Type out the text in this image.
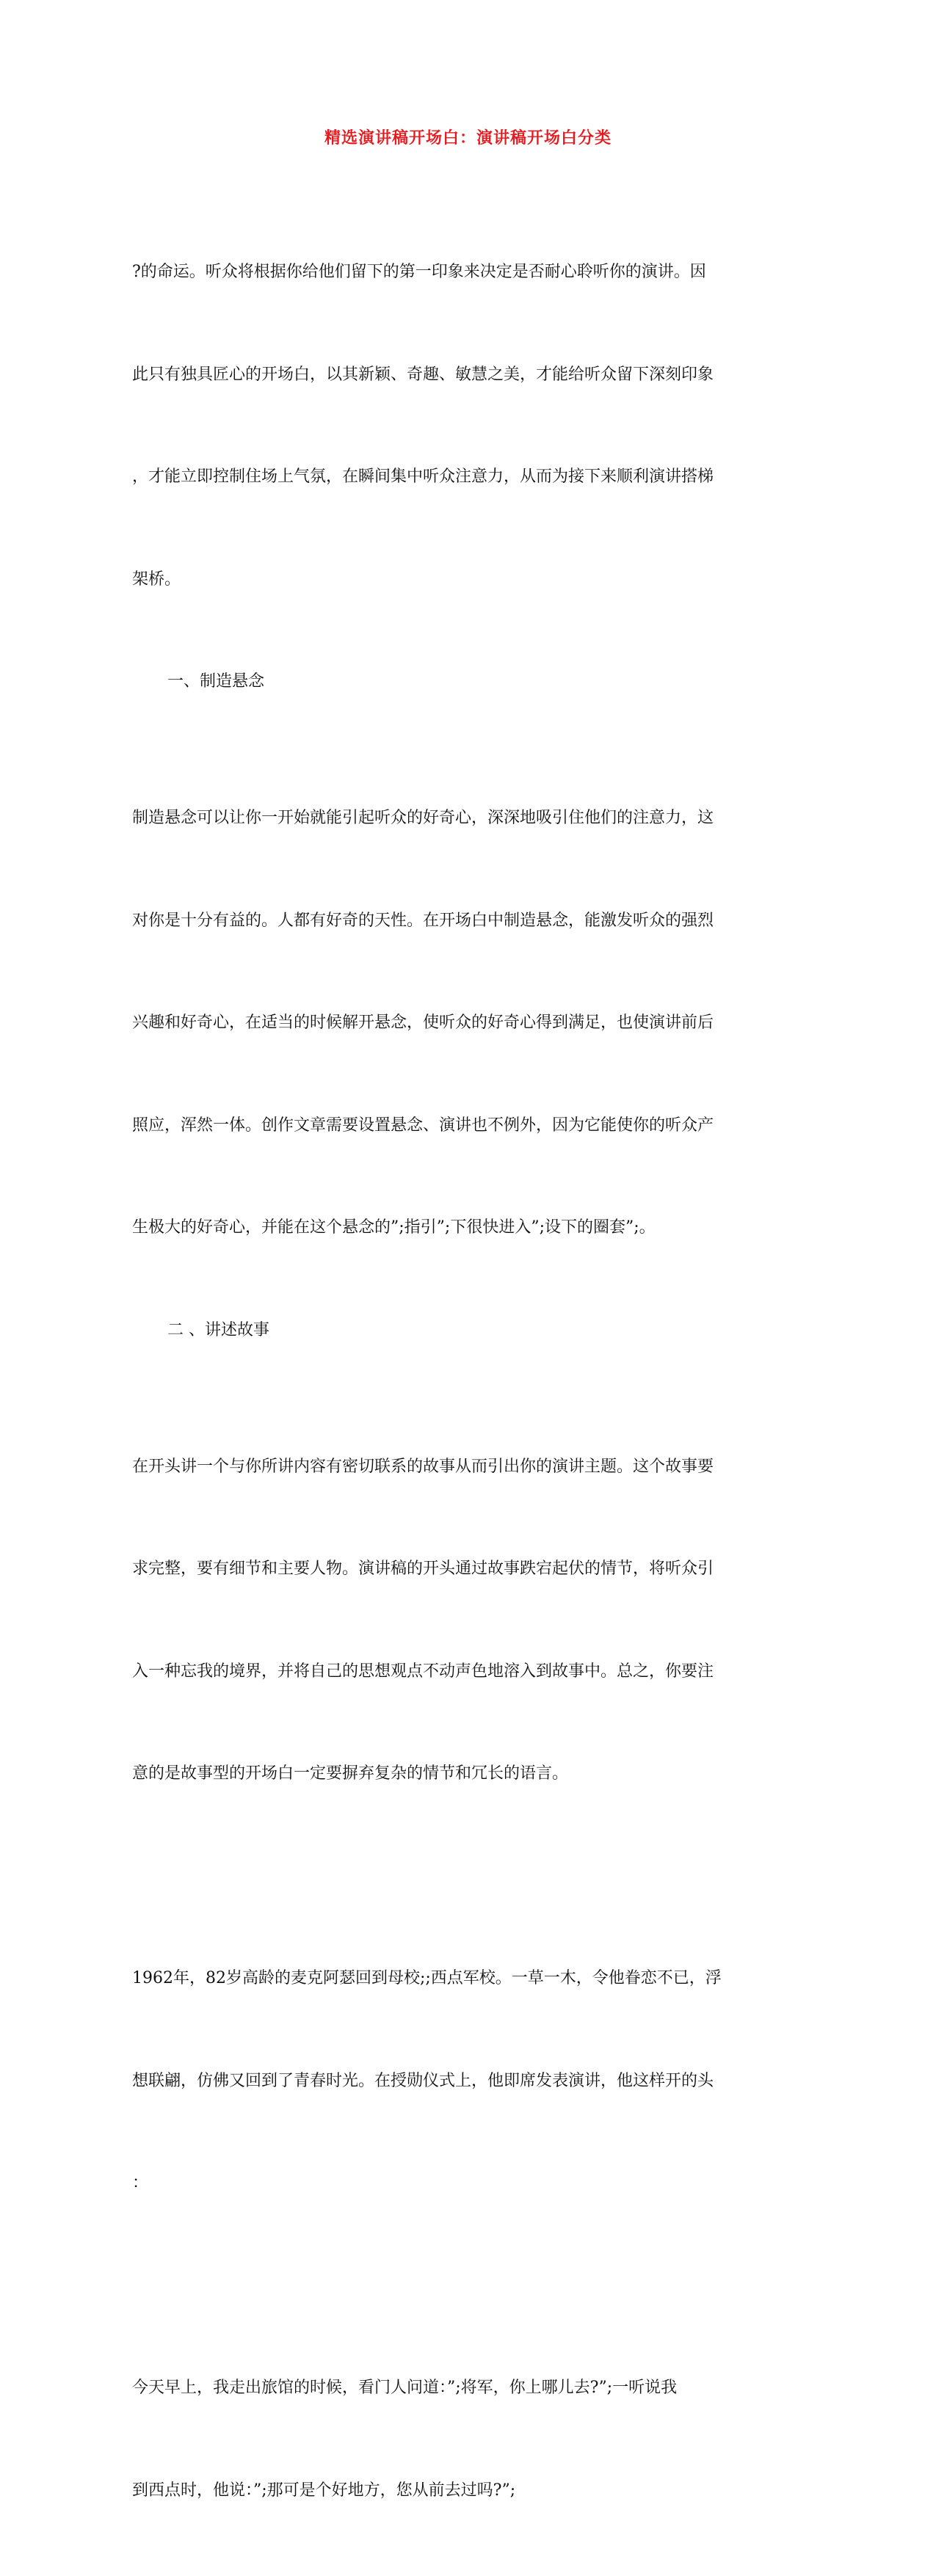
精选演讲稿开场白：演讲稿开场白分类

?的命运。听众将根据你给他们留下的第一印象来决定是否耐心聆听你的演讲。因

此只有独具匠心的开场白，以其新颖、奇趣、敏慧之美，才能给听众留下深刻印象

，才能立即控制住场上气氛，在瞬间集中听众注意力，从而为接下来顺利演讲搭梯

架桥。

一、制造悬念

制造悬念可以让你一开始就能引起听众的好奇心，深深地吸引住他们的注意力，这

对你是十分有益的。人都有好奇的天性。在开场白中制造悬念，能激发听众的强烈

兴趣和好奇心，在适当的时候解开悬念，使听众的好奇心得到满足，也使演讲前后

照应，浑然一体。创作文章需要设置悬念、演讲也不例外，因为它能使你的听众产

生极大的好奇心，并能在这个悬念的”;指引”;下很快进入”;设下的圈套”;。

二 、讲述故事

在开头讲一个与你所讲内容有密切联系的故事从而引出你的演讲主题。这个故事要

求完整，要有细节和主要人物。演讲稿的开头通过故事跌宕起伏的情节，将听众引

入一种忘我的境界，并将自己的思想观点不动声色地溶入到故事中。总之，你要注

意的是故事型的开场白一定要摒弃复杂的情节和冗长的语言。

1962年，82岁高龄的麦克阿瑟回到母校;;西点军校。一草一木，令他眷恋不已，浮

想联翩，仿佛又回到了青春时光。在授勋仪式上，他即席发表演讲，他这样开的头

：

今天早上，我走出旅馆的时候，看门人问道：”;将军，你上哪儿去?”;一听说我

到西点时，他说：”;那可是个好地方，您从前去过吗?”;
